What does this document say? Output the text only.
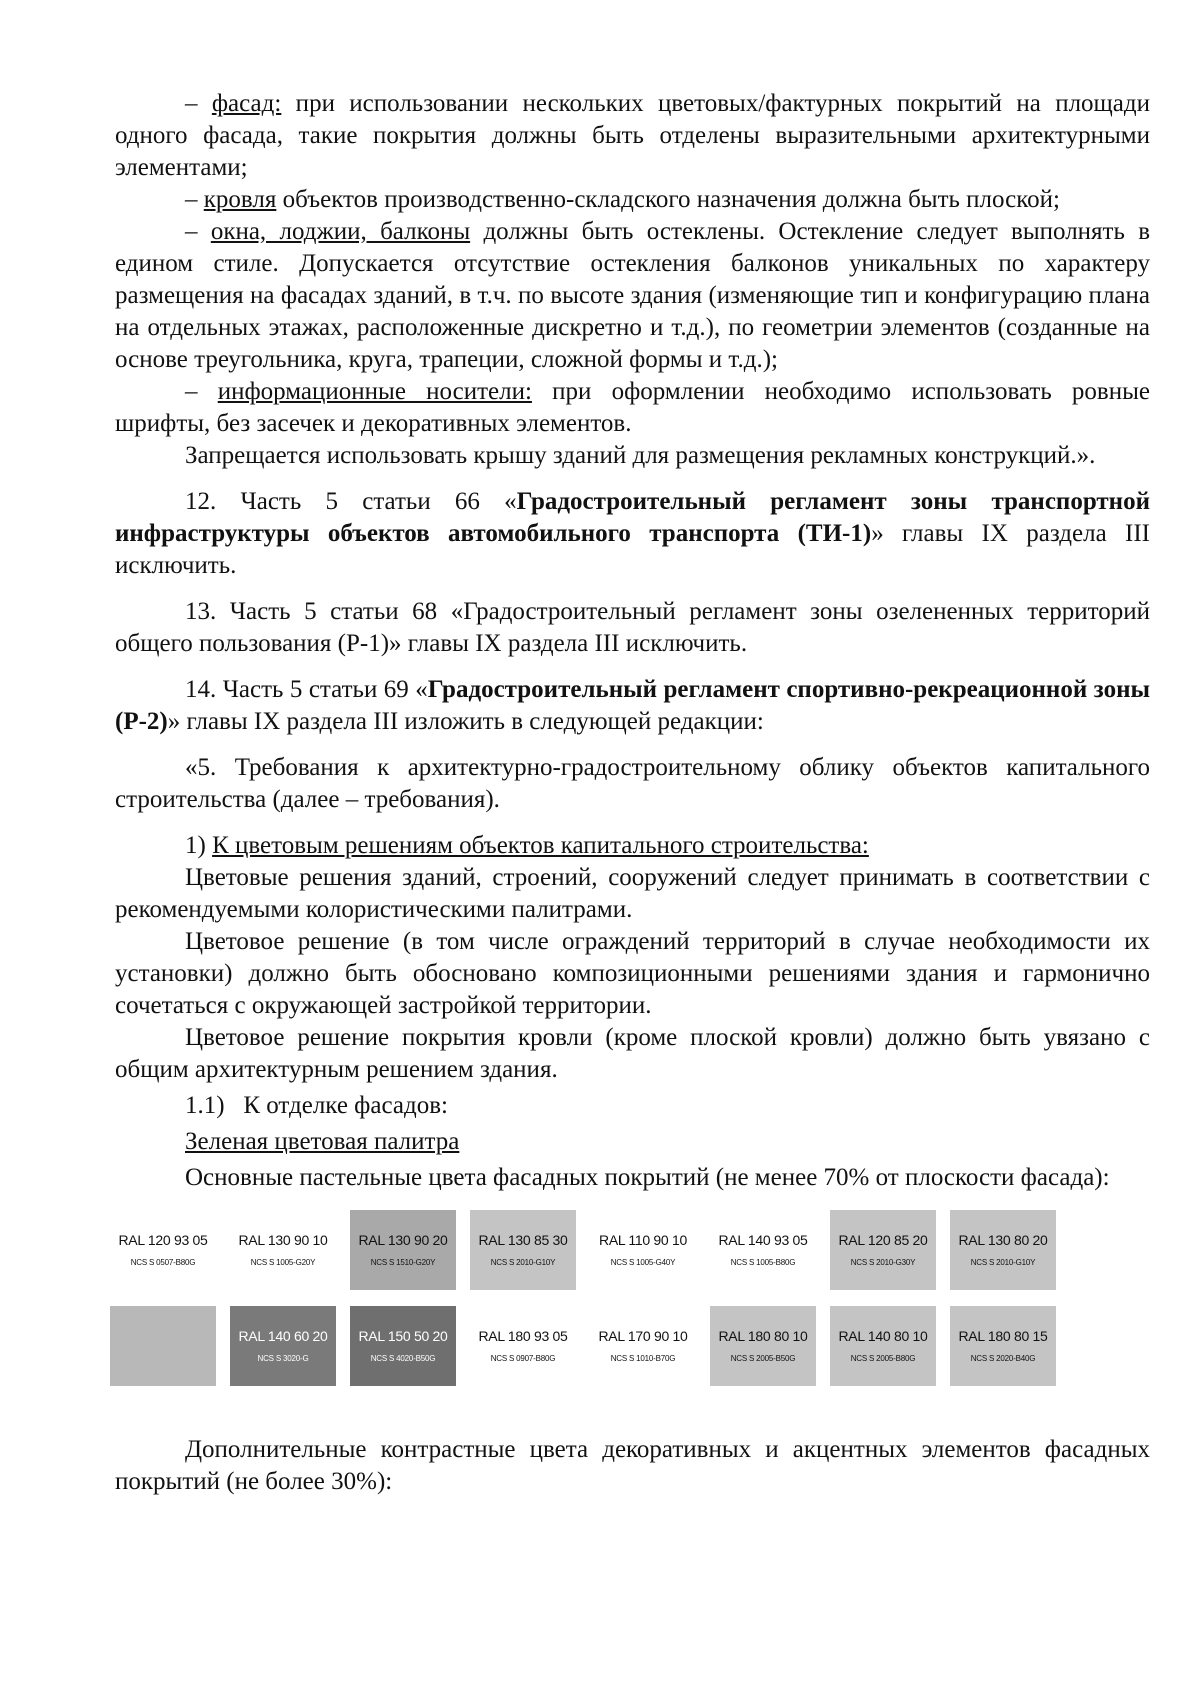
– фасад: при использовании нескольких цветовых/фактурных покрытий на площади одного фасада, такие покрытия должны быть отделены выразительными архитектурными элементами;

– кровля объектов производственно-складского назначения должна быть плоской;

– окна, лоджии, балконы должны быть остеклены. Остекление следует выполнять в едином стиле. Допускается отсутствие остекления балконов уникальных по характеру размещения на фасадах зданий, в т.ч. по высоте здания (изменяющие тип и конфигурацию плана на отдельных этажах, расположенные дискретно и т.д.), по геометрии элементов (созданные на основе треугольника, круга, трапеции, сложной формы и т.д.);

– информационные носители: при оформлении необходимо использовать ровные шрифты, без засечек и декоративных элементов.

Запрещается использовать крышу зданий для размещения рекламных конструкций.».

12. Часть 5 статьи 66 «Градостроительный регламент зоны транспортной инфраструктуры объектов автомобильного транспорта (ТИ-1)» главы IX раздела III исключить.

13. Часть 5 статьи 68 «Градостроительный регламент зоны озелененных территорий общего пользования (Р-1)» главы IX раздела III исключить.

14. Часть 5 статьи 69 «Градостроительный регламент спортивно-рекреационной зоны (Р-2)» главы IX раздела III изложить в следующей редакции:

«5. Требования к архитектурно-градостроительному облику объектов капитального строительства (далее – требования).

1) К цветовым решениям объектов капитального строительства:

Цветовые решения зданий, строений, сооружений следует принимать в соответствии с рекомендуемыми колористическими палитрами.

Цветовое решение (в том числе ограждений территорий в случае необходимости их установки) должно быть обосновано композиционными решениями здания и гармонично сочетаться с окружающей застройкой территории.

Цветовое решение покрытия кровли (кроме плоской кровли) должно быть увязано с общим архитектурным решением здания.

1.1)   К отделке фасадов:

Зеленая цветовая палитра

Основные пастельные цвета фасадных покрытий (не менее 70% от плоскости фасада):

RAL 120 93 05
NCS S 0507-B80G
RAL 130 90 10
NCS S 1005-G20Y
RAL 130 90 20
NCS S 1510-G20Y
RAL 130 85 30
NCS S 2010-G10Y
RAL 110 90 10
NCS S 1005-G40Y
RAL 140 93 05
NCS S 1005-B80G
RAL 120 85 20
NCS S 2010-G30Y
RAL 130 80 20
NCS S 2010-G10Y
RAL 140 60 20
NCS S 3020-G
RAL 150 50 20
NCS S 4020-B50G
RAL 180 93 05
NCS S 0907-B80G
RAL 170 90 10
NCS S 1010-B70G
RAL 180 80 10
NCS S 2005-B50G
RAL 140 80 10
NCS S 2005-B80G
RAL 180 80 15
NCS S 2020-B40G

Дополнительные контрастные цвета декоративных и акцентных элементов фасадных покрытий (не более 30%):
